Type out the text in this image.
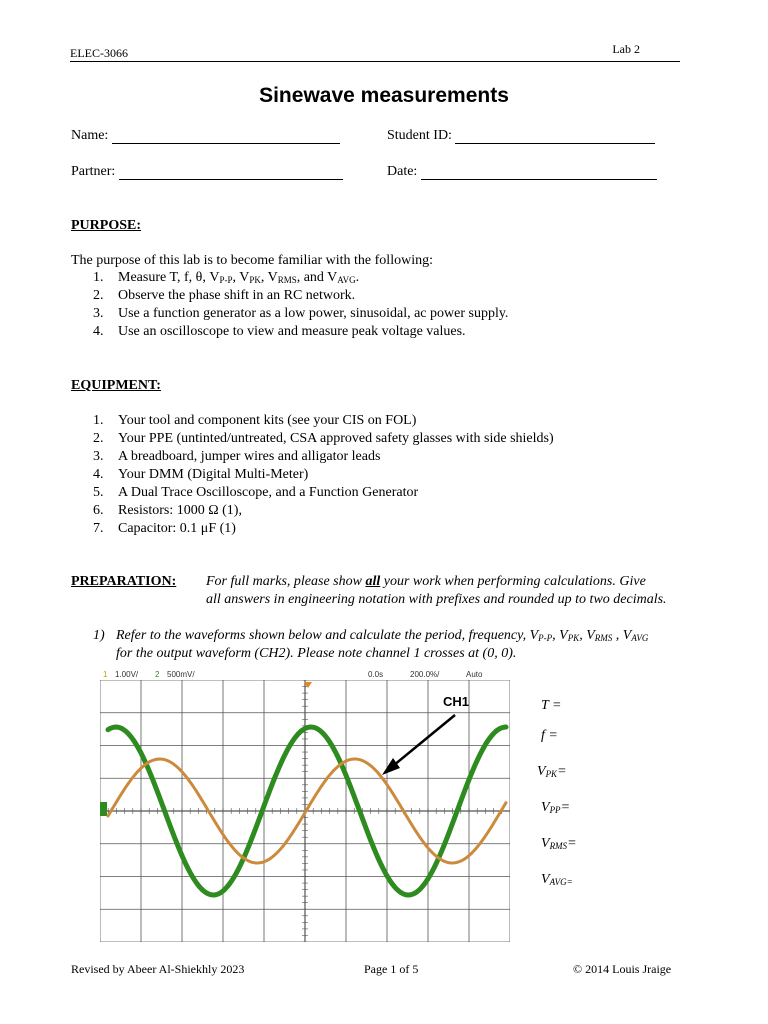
ELEC-3066	Lab 2
Sinewave measurements
Name:	Student ID:
Partner:	Date:
PURPOSE:
The purpose of this lab is to become familiar with the following:
1. Measure T, f, θ, $V_{P-P}$, $V_{PK}$, $V_{RMS}$, and $V_{AVG}$.
2. Observe the phase shift in an RC network.
3. Use a function generator as a low power, sinusoidal, ac power supply.
4. Use an oscilloscope to view and measure peak voltage values.
EQUIPMENT:
1. Your tool and component kits (see your CIS on FOL)
2. Your PPE (untinted/untreated, CSA approved safety glasses with side shields)
3. A breadboard, jumper wires and alligator leads
4. Your DMM (Digital Multi-Meter)
5. A Dual Trace Oscilloscope, and a Function Generator
6. Resistors: 1000 Ω (1),
7. Capacitor: 0.1 μF (1)
PREPARATION: For full marks, please show all your work when performing calculations. Give
all answers in engineering notation with prefixes and rounded up to two decimals.
1) Refer to the waveforms shown below and calculate the period, frequency, $V_{P-P}$, $V_{PK}$, $V_{RMS}$ , $V_{AVG}$
for the output waveform (CH2). Please note channel 1 crosses at (0, 0).
1 1.00V/ 2 500mV/	0.0s	200.0%/	Auto
CH1	T =
f =
$V_{PK}=$
$V_{PP}=$
$V_{RMS}=$
$V_{AVG=}$
Revised by Abeer Al-Shiekhly 2023	Page 1 of 5	© 2014 Louis Jraige
